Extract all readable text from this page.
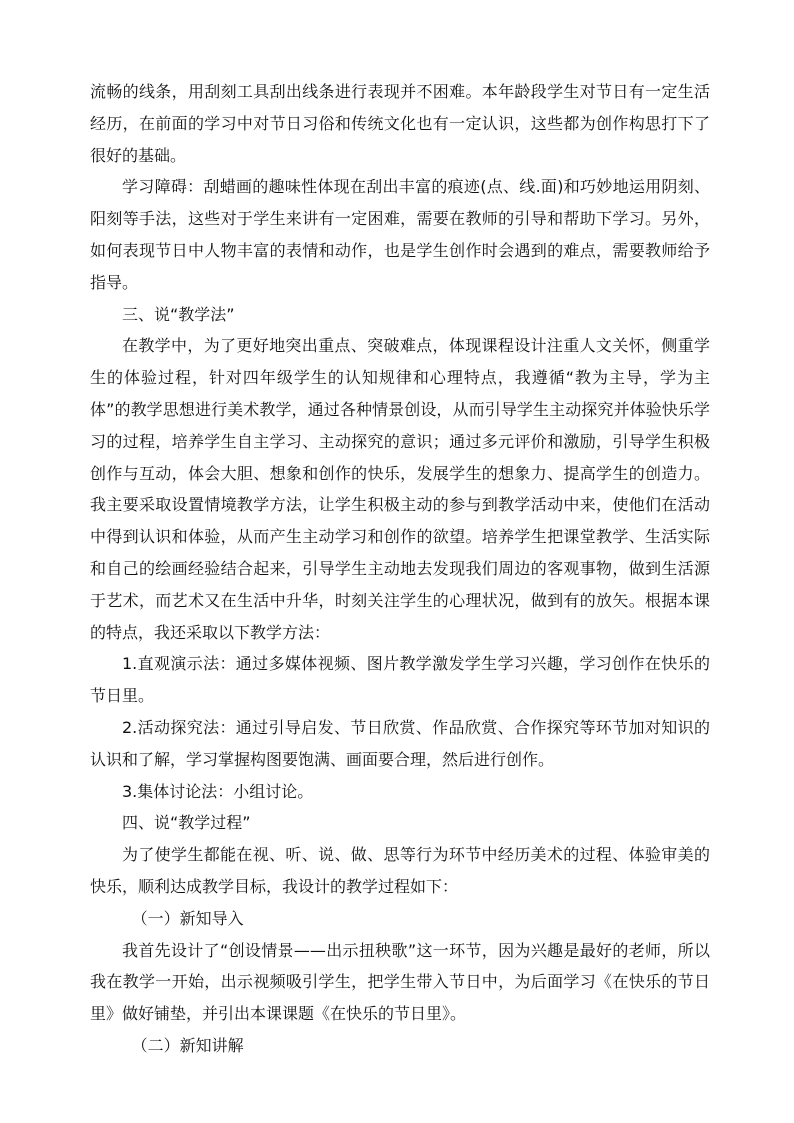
流畅的线条，用刮刻工具刮出线条进行表现并不困难。本年龄段学生对节日有一定生活经历，在前面的学习中对节日习俗和传统文化也有一定认识，这些都为创作构思打下了很好的基础。

学习障碍：刮蜡画的趣味性体现在刮出丰富的痕迹(点、线.面)和巧妙地运用阴刻、阳刻等手法，这些对于学生来讲有一定困难，需要在教师的引导和帮助下学习。另外，如何表现节日中人物丰富的表情和动作，也是学生创作时会遇到的难点，需要教师给予指导。

三、说“教学法”

在教学中，为了更好地突出重点、突破难点，体现课程设计注重人文关怀，侧重学生的体验过程，针对四年级学生的认知规律和心理特点，我遵循“教为主导，学为主体”的教学思想进行美术教学，通过各种情景创设，从而引导学生主动探究并体验快乐学习的过程，培养学生自主学习、主动探究的意识；通过多元评价和激励，引导学生积极创作与互动，体会大胆、想象和创作的快乐，发展学生的想象力、提高学生的创造力。我主要采取设置情境教学方法，让学生积极主动的参与到教学活动中来，使他们在活动中得到认识和体验，从而产生主动学习和创作的欲望。培养学生把课堂教学、生活实际和自己的绘画经验结合起来，引导学生主动地去发现我们周边的客观事物，做到生活源于艺术，而艺术又在生活中升华，时刻关注学生的心理状况，做到有的放矢。根据本课的特点，我还采取以下教学方法：

1.直观演示法：通过多媒体视频、图片教学激发学生学习兴趣，学习创作在快乐的节日里。

2.活动探究法：通过引导启发、节日欣赏、作品欣赏、合作探究等环节加对知识的认识和了解，学习掌握构图要饱满、画面要合理，然后进行创作。

3.集体讨论法：小组讨论。

四、说“教学过程”

为了使学生都能在视、听、说、做、思等行为环节中经历美术的过程、体验审美的快乐，顺利达成教学目标，我设计的教学过程如下：

（一）新知导入

我首先设计了“创设情景——出示扭秧歌”这一环节，因为兴趣是最好的老师，所以我在教学一开始，出示视频吸引学生，把学生带入节日中，为后面学习《在快乐的节日里》做好铺垫，并引出本课课题《在快乐的节日里》。

（二）新知讲解
